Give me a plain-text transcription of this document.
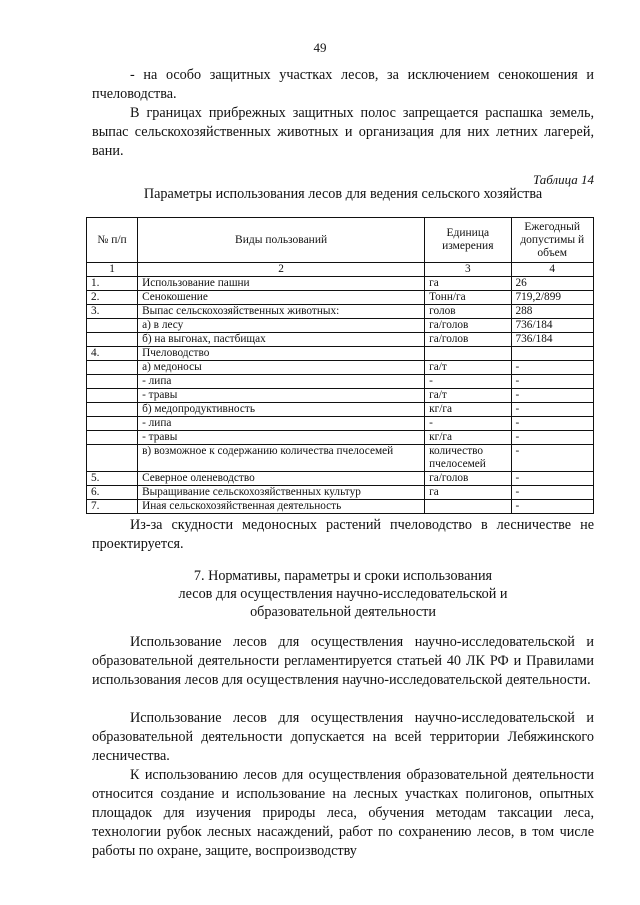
49

- на особо защитных участках лесов, за исключением сенокошения и пчеловодства.

В границах прибрежных защитных полос запрещается распашка земель, выпас сельскохозяйственных животных и организация для них летних лагерей, вани.

Таблица 14
Параметры использования лесов для ведения сельского хозяйства
№ п/п	Виды пользований	Единица измерения	Ежегодный допустимы й объем
1	2	3	4
1.	Использование пашни	га	26
2.	Сенокошение	Тонн/га	719,2/899
3.	Выпас сельскохозяйственных животных:	голов	288
	а) в лесу	га/голов	736/184
	б) на выгонах, пастбищах	га/голов	736/184
4.	Пчеловодство		
	а) медоносы	га/т	-
	- липа	-	-
	- травы	га/т	-
	б) медопродуктивность	кг/га	-
	- липа	-	-
	- травы	кг/га	-
	в) возможное к содержанию количества пчелосемей	количество пчелосемей	-
5.	Северное оленеводство	га/голов	-
6.	Выращивание сельскохозяйственных культур	га	-
7.	Иная сельскохозяйственная деятельность		-

Из-за скудности медоносных растений пчеловодство в лесничестве не проектируется.

7. Нормативы, параметры и сроки использования
лесов для осуществления научно-исследовательской и
образовательной деятельности

Использование лесов для осуществления научно-исследовательской и образовательной деятельности регламентируется статьей 40 ЛК РФ и Правилами использования лесов для осуществления научно-исследовательской деятельности.

Использование лесов для осуществления научно-исследовательской и образовательной деятельности допускается на всей территории Лебяжинского лесничества.

К использованию лесов для осуществления образовательной деятельности относится создание и использование на лесных участках полигонов, опытных площадок для изучения природы леса, обучения методам таксации леса, технологии рубок лесных насаждений, работ по сохранению лесов, в том числе работы по охране, защите, воспроизводству
